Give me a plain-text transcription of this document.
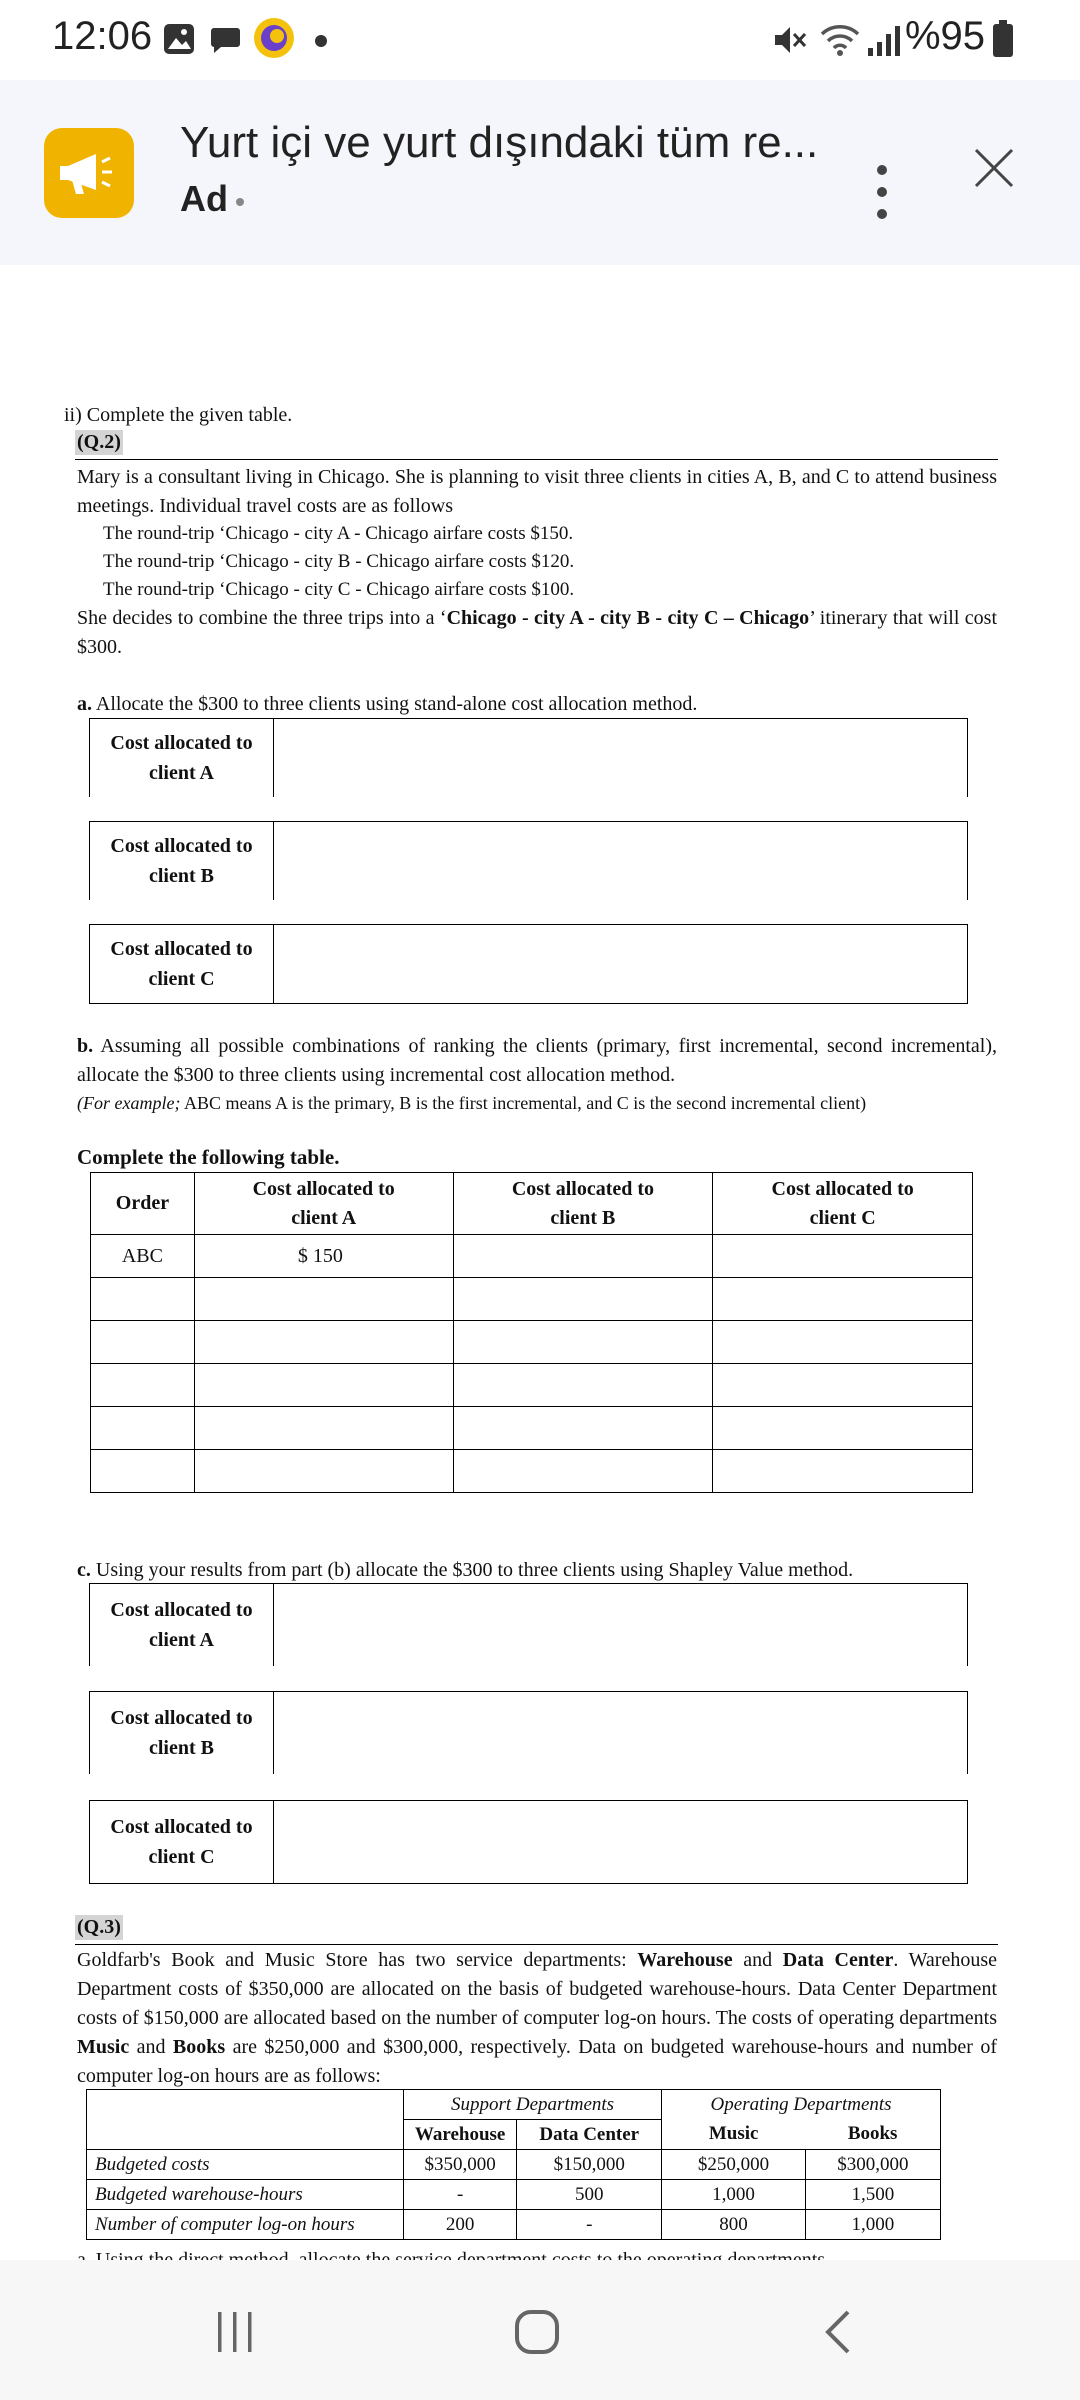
12:06	%95
Yurt içi ve yurt dışındaki tüm re...
Ad
ii) Complete the given table.
(Q.2)
Mary is a consultant living in Chicago. She is planning to visit three clients in cities A, B, and C to attend business meetings. Individual travel costs are as follows
The round-trip ‘Chicago - city A - Chicago airfare costs $150.
The round-trip ‘Chicago - city B - Chicago airfare costs $120.
The round-trip ‘Chicago - city C - Chicago airfare costs $100.
She decides to combine the three trips into a ‘Chicago - city A - city B - city C – Chicago’ itinerary that will cost $300.
a. Allocate the $300 to three clients using stand-alone cost allocation method.
Cost allocated to client A
Cost allocated to client B
Cost allocated to client C
b. Assuming all possible combinations of ranking the clients (primary, first incremental, second incremental), allocate the $300 to three clients using incremental cost allocation method.
(For example; ABC means A is the primary, B is the first incremental, and C is the second incremental client)
Complete the following table.
Order	Cost allocated to client A	Cost allocated to client B	Cost allocated to client C
ABC	$ 150		

c. Using your results from part (b) allocate the $300 to three clients using Shapley Value method.
Cost allocated to client A
Cost allocated to client B
Cost allocated to client C
(Q.3)
Goldfarb's Book and Music Store has two service departments: Warehouse and Data Center. Warehouse Department costs of $350,000 are allocated on the basis of budgeted warehouse-hours. Data Center Department costs of $150,000 are allocated based on the number of computer log-on hours. The costs of operating departments Music and Books are $250,000 and $300,000, respectively. Data on budgeted warehouse-hours and number of computer log-on hours are as follows:
	Support Departments		Operating Departments	
	Warehouse	Data Center	Music	Books
Budgeted costs	$350,000	$150,000	$250,000	$300,000
Budgeted warehouse-hours	-	500	1,000	1,500
Number of computer log-on hours	200	-	800	1,000
